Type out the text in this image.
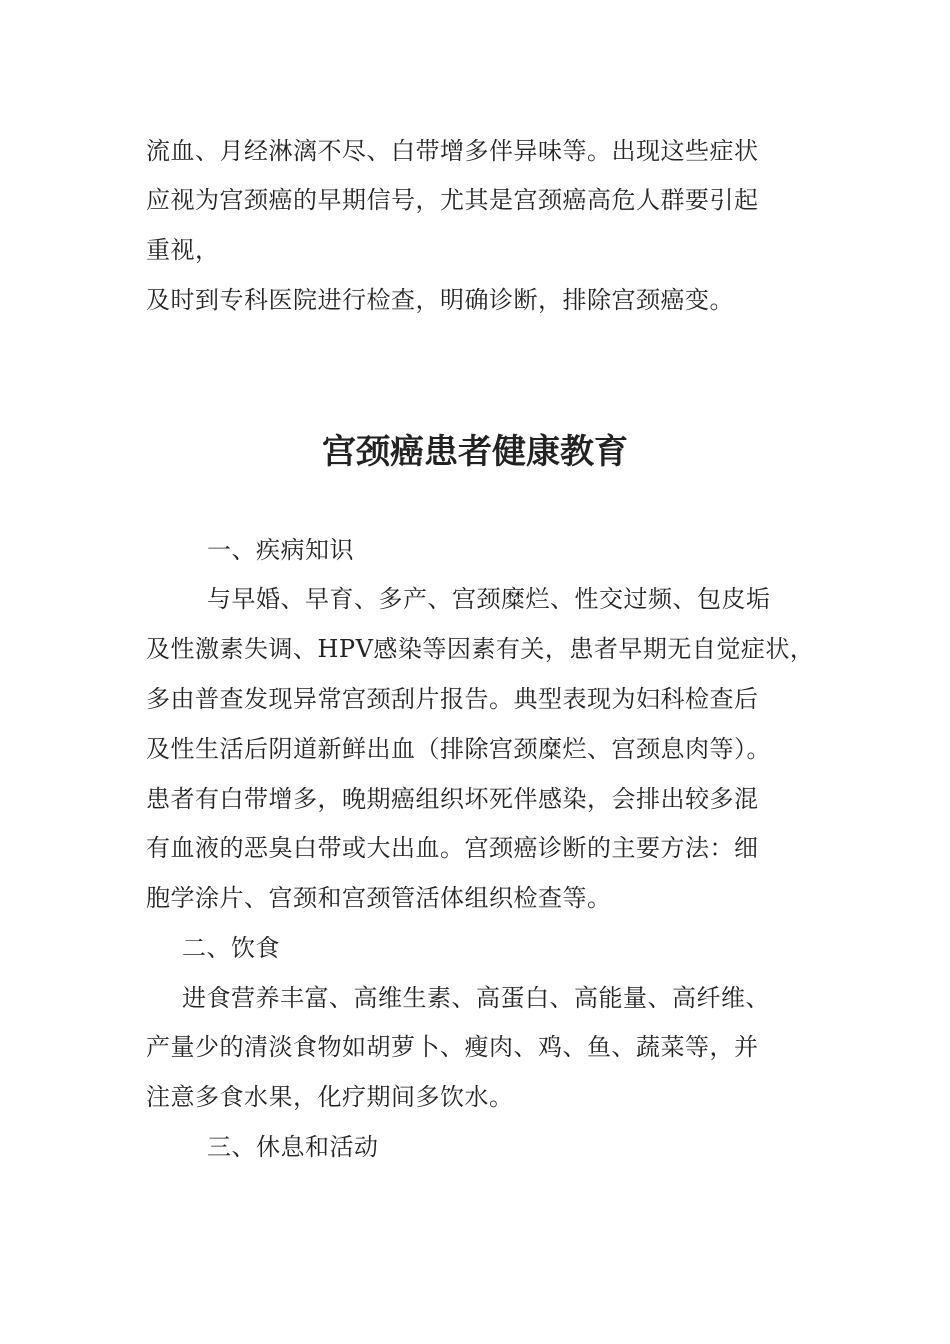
流血、月经淋漓不尽、白带增多伴异味等。出现这些症状
应视为宫颈癌的早期信号，尤其是宫颈癌高危人群要引起
重视，
及时到专科医院进行检查，明确诊断，排除宫颈癌变。
宫颈癌患者健康教育
一、疾病知识
与早婚、早育、多产、宫颈糜烂、性交过频、包皮垢
及性激素失调、HPV感染等因素有关，患者早期无自觉症状，
多由普查发现异常宫颈刮片报告。典型表现为妇科检查后
及性生活后阴道新鲜出血（排除宫颈糜烂、宫颈息肉等）。
患者有白带增多，晚期癌组织坏死伴感染，会排出较多混
有血液的恶臭白带或大出血。宫颈癌诊断的主要方法：细
胞学涂片、宫颈和宫颈管活体组织检查等。
二、饮食
进食营养丰富、高维生素、高蛋白、高能量、高纤维、
产量少的清淡食物如胡萝卜、瘦肉、鸡、鱼、蔬菜等，并
注意多食水果，化疗期间多饮水。
三、休息和活动
